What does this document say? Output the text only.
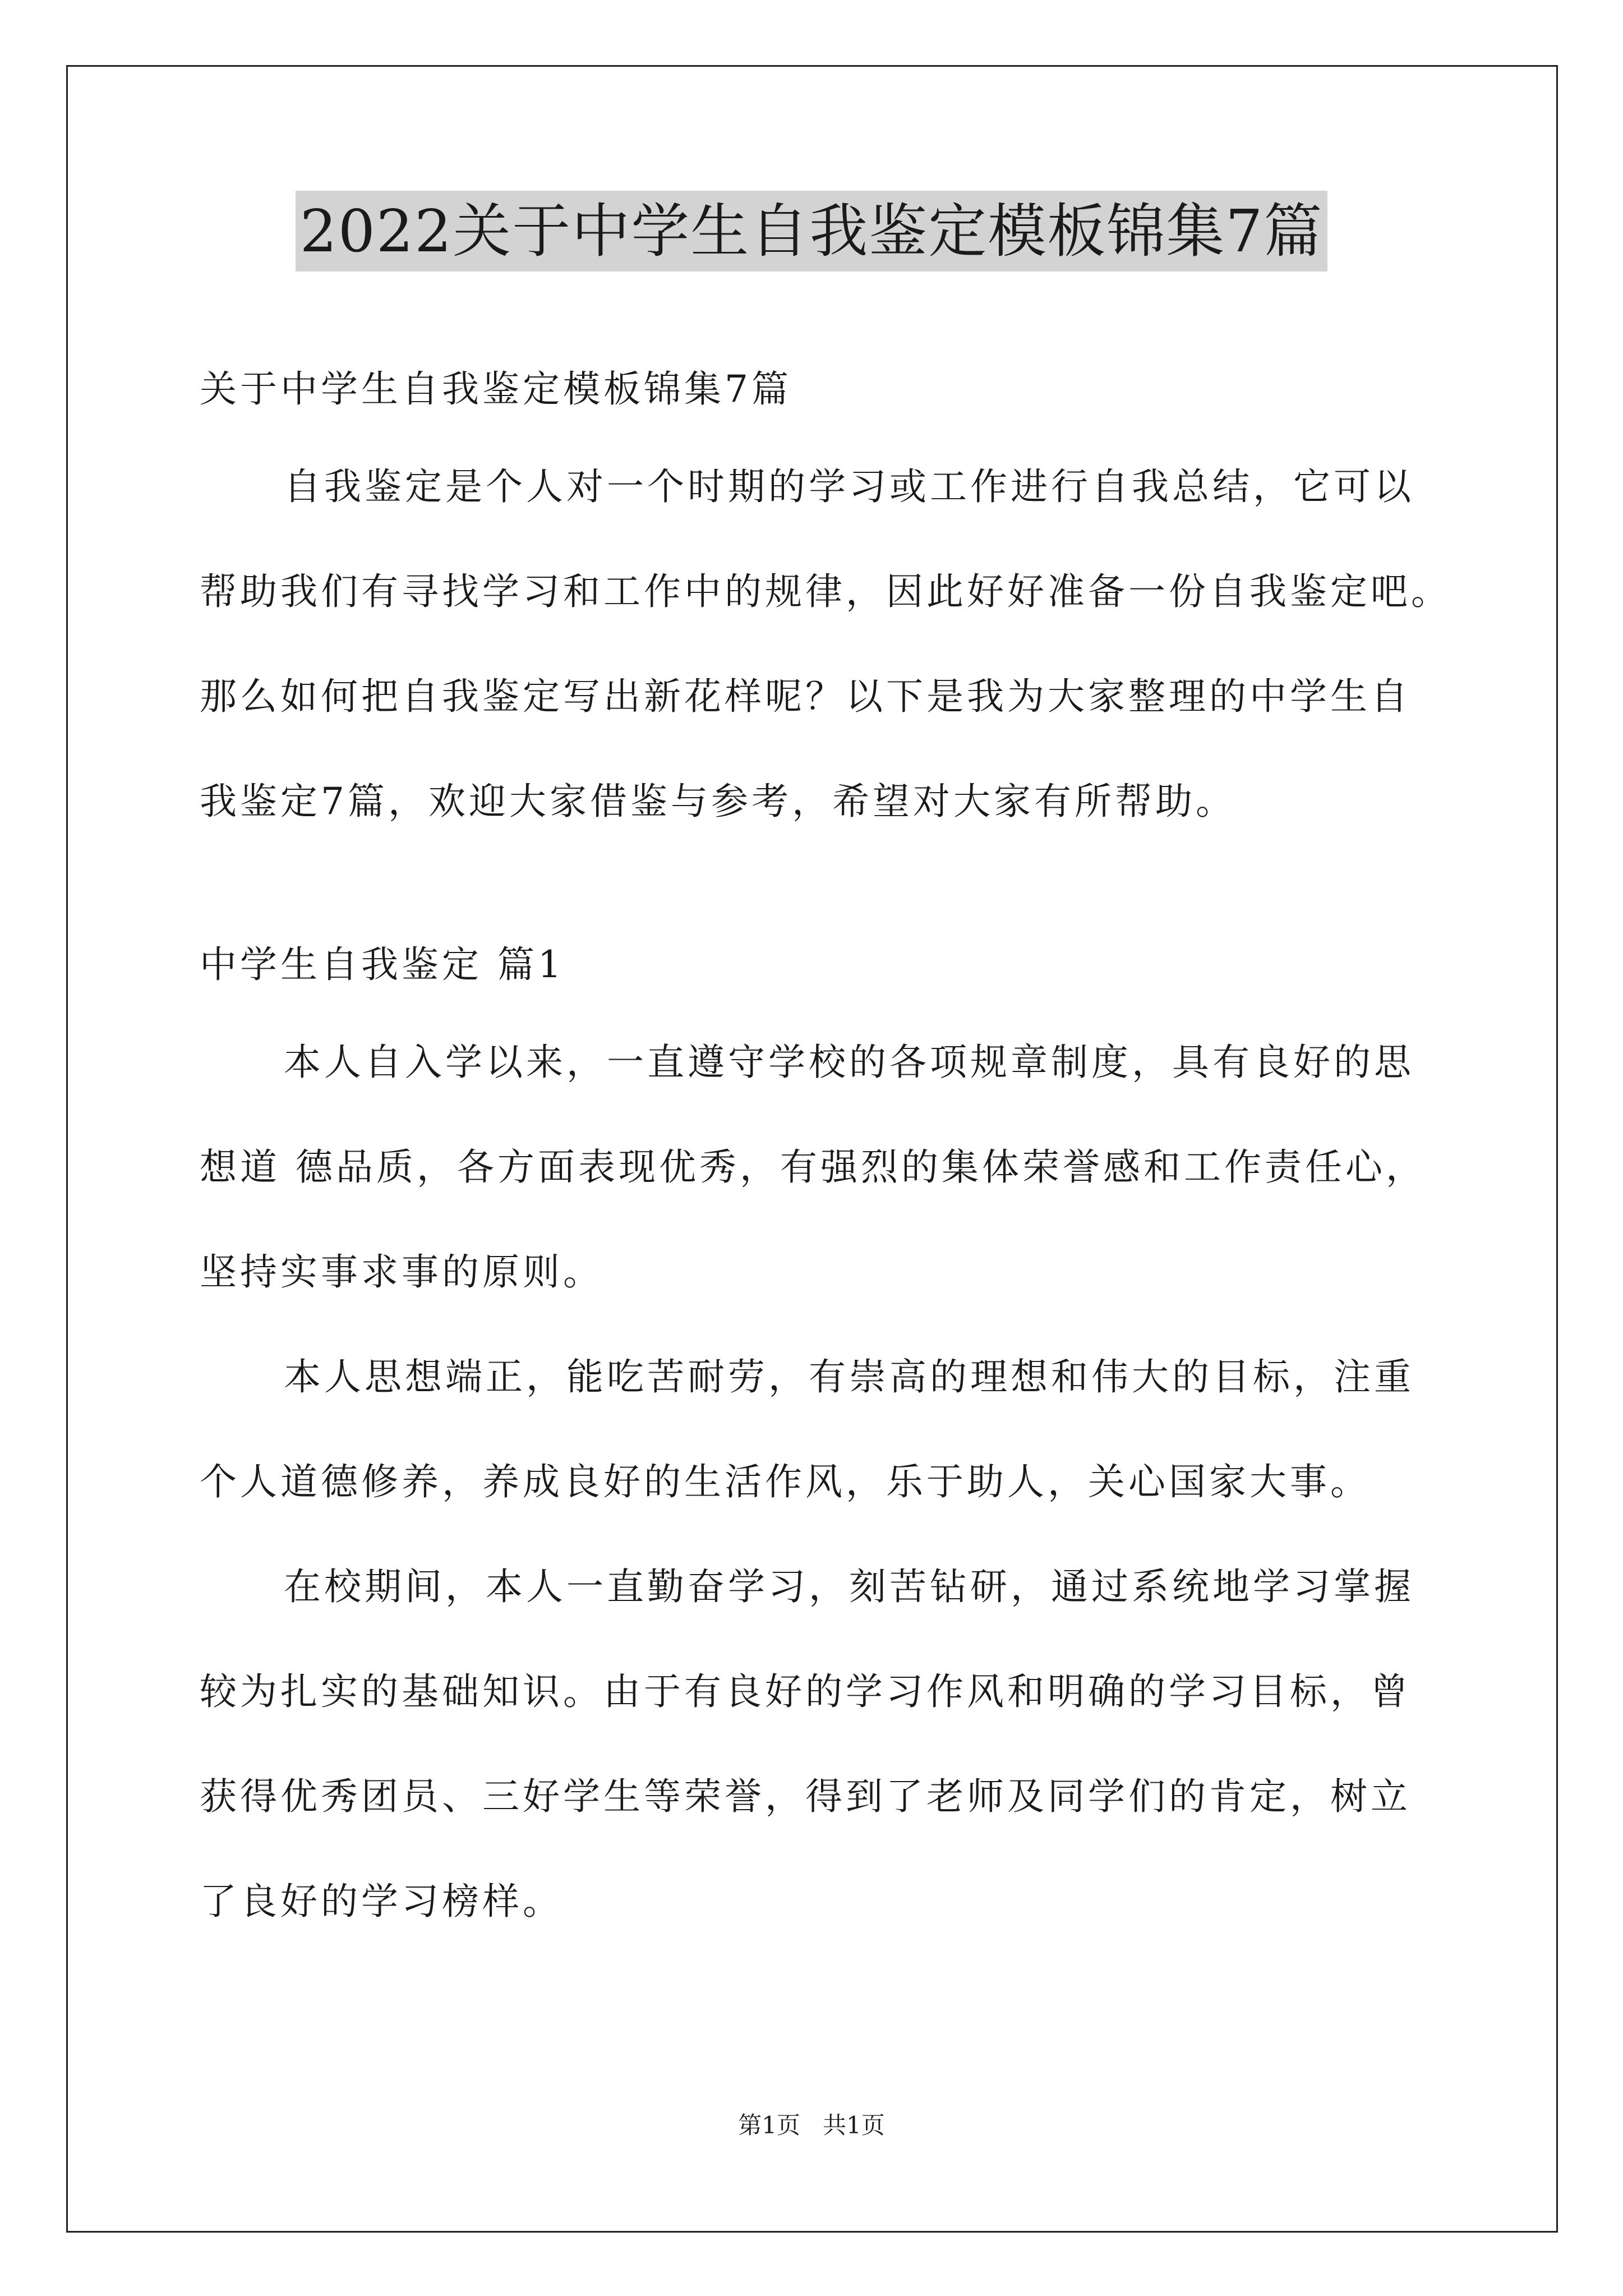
2022关于中学生自我鉴定模板锦集7篇
关于中学生自我鉴定模板锦集7篇
自我鉴定是个人对一个时期的学习或工作进行自我总结，它可以
帮助我们有寻找学习和工作中的规律，因此好好准备一份自我鉴定吧。
那么如何把自我鉴定写出新花样呢？以下是我为大家整理的中学生自
我鉴定7篇，欢迎大家借鉴与参考，希望对大家有所帮助。
中学生自我鉴定 篇1
本人自入学以来，一直遵守学校的各项规章制度，具有良好的思
想道 德品质，各方面表现优秀，有强烈的集体荣誉感和工作责任心，
坚持实事求事的原则。
本人思想端正，能吃苦耐劳，有崇高的理想和伟大的目标，注重
个人道德修养，养成良好的生活作风，乐于助人，关心国家大事。
在校期间，本人一直勤奋学习，刻苦钻研，通过系统地学习掌握
较为扎实的基础知识。由于有良好的学习作风和明确的学习目标，曾
获得优秀团员、三好学生等荣誉，得到了老师及同学们的肯定，树立
了良好的学习榜样。
第1页   共1页
